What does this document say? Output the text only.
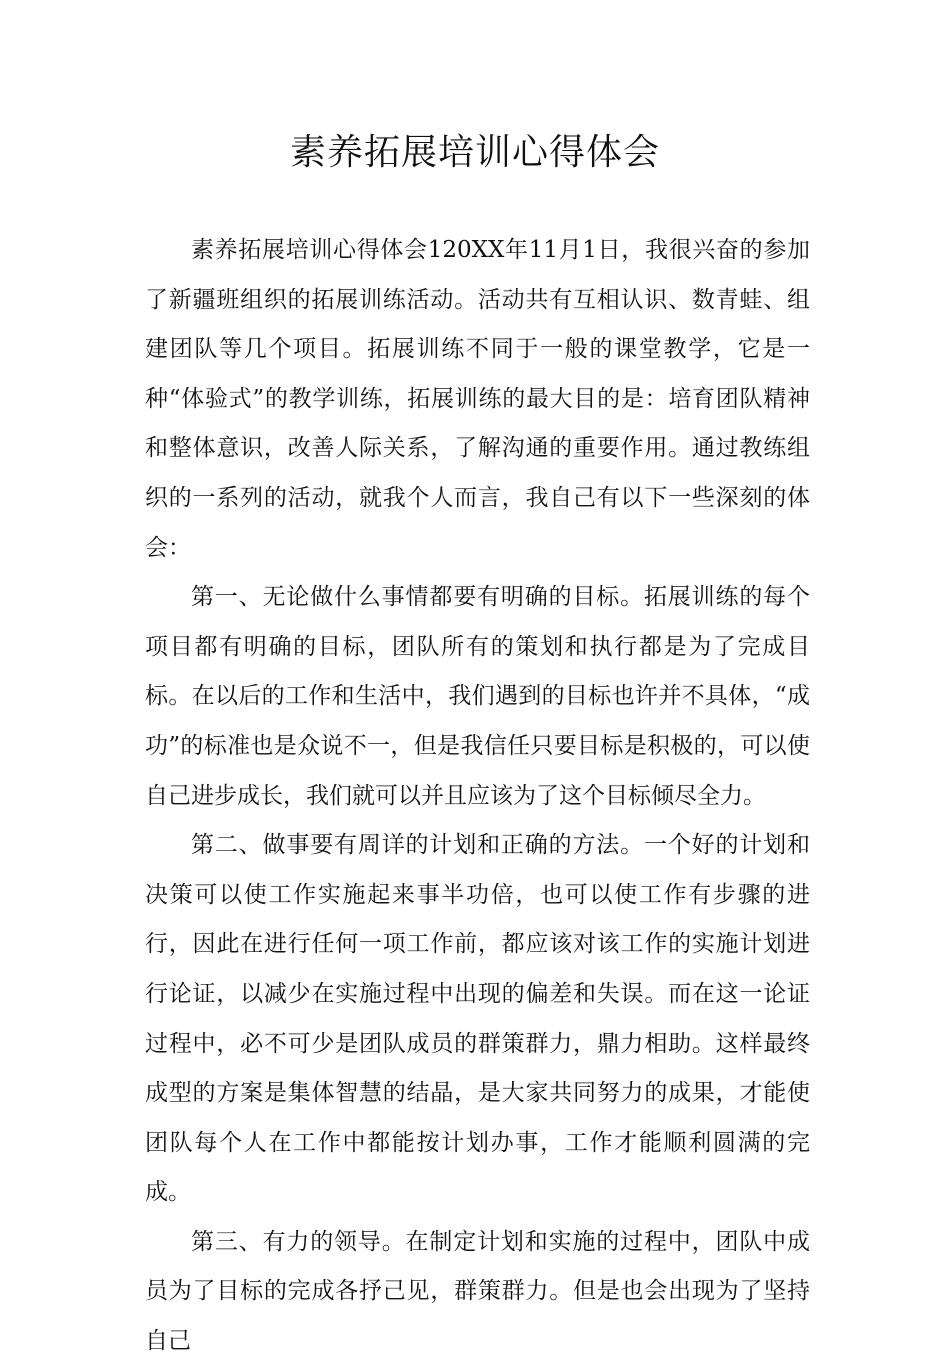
素养拓展培训心得体会

素养拓展培训心得体会120XX年11月1日，我很兴奋的参加了新疆班组织的拓展训练活动。活动共有互相认识、数青蛙、组建团队等几个项目。拓展训练不同于一般的课堂教学，它是一种“体验式”的教学训练，拓展训练的最大目的是：培育团队精神和整体意识，改善人际关系，了解沟通的重要作用。通过教练组织的一系列的活动，就我个人而言，我自己有以下一些深刻的体会：

第一、无论做什么事情都要有明确的目标。拓展训练的每个项目都有明确的目标，团队所有的策划和执行都是为了完成目标。在以后的工作和生活中，我们遇到的目标也许并不具体，“成功”的标准也是众说不一，但是我信任只要目标是积极的，可以使自己进步成长，我们就可以并且应该为了这个目标倾尽全力。

第二、做事要有周详的计划和正确的方法。一个好的计划和决策可以使工作实施起来事半功倍，也可以使工作有步骤的进行，因此在进行任何一项工作前，都应该对该工作的实施计划进行论证，以减少在实施过程中出现的偏差和失误。而在这一论证过程中，必不可少是团队成员的群策群力，鼎力相助。这样最终成型的方案是集体智慧的结晶，是大家共同努力的成果，才能使团队每个人在工作中都能按计划办事，工作才能顺利圆满的完成。

第三、有力的领导。在制定计划和实施的过程中，团队中成员为了目标的完成各抒己见，群策群力。但是也会出现为了坚持自己
